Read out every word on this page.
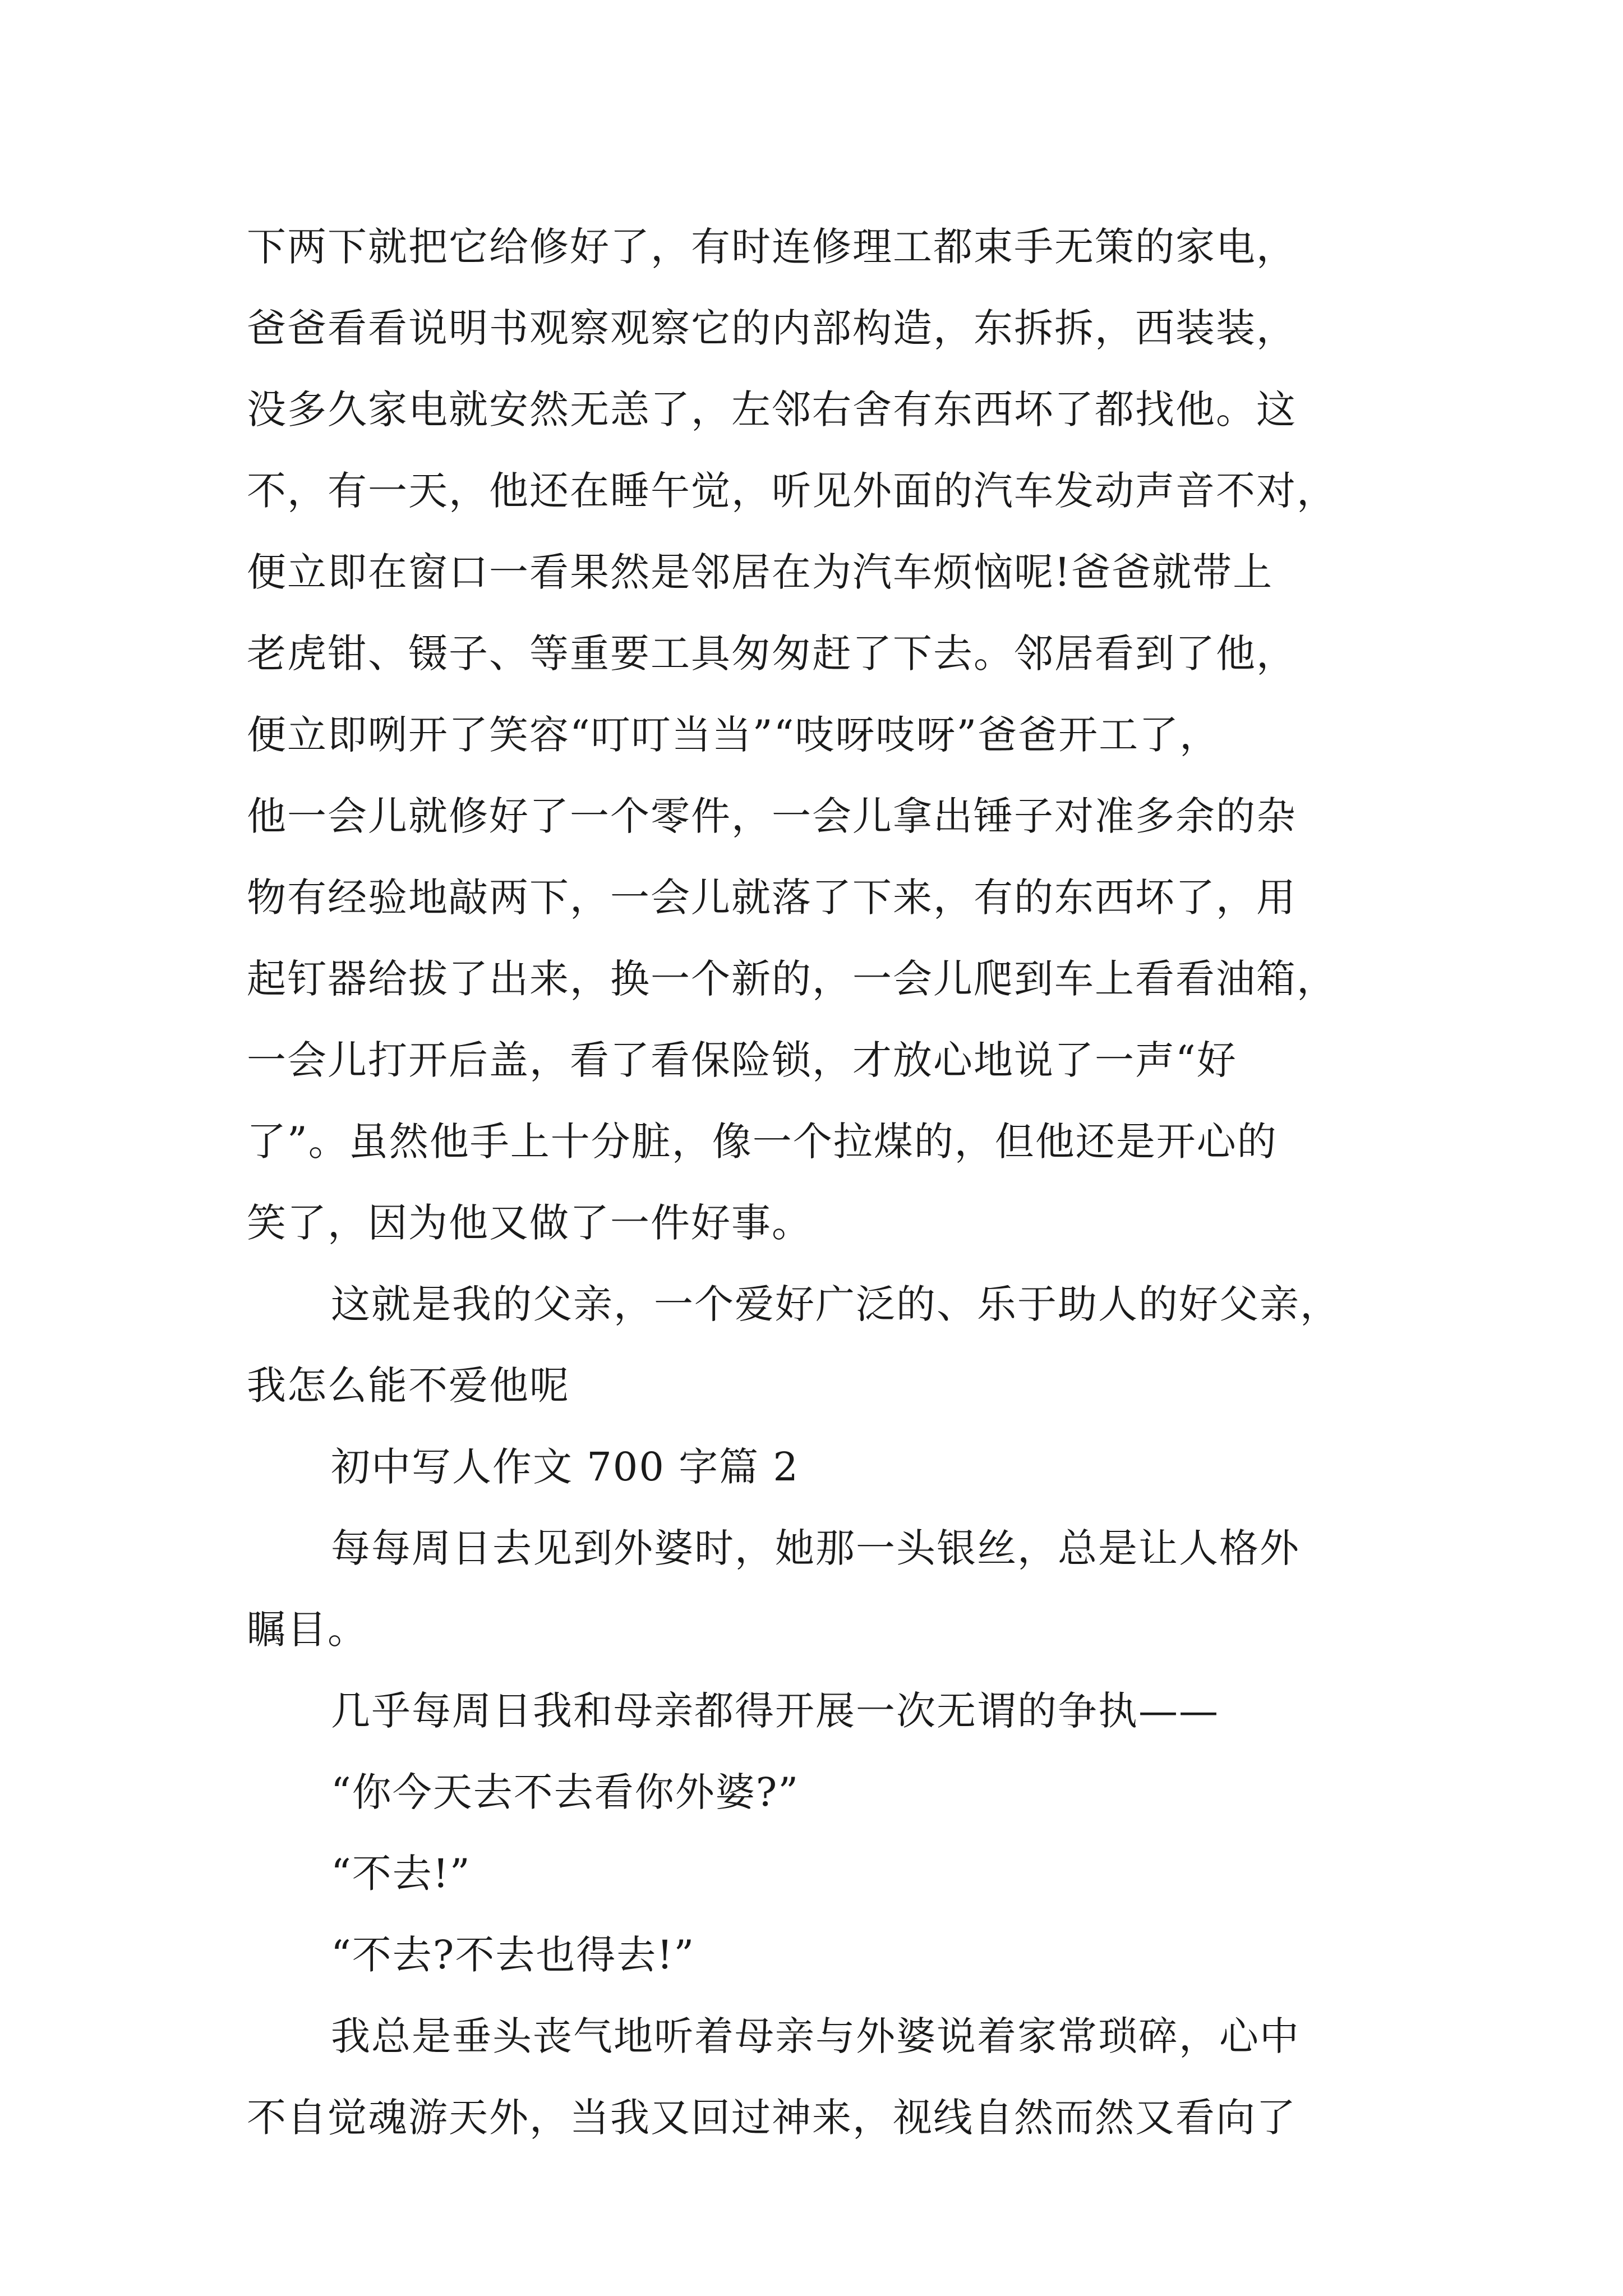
下两下就把它给修好了，有时连修理工都束手无策的家电，
爸爸看看说明书观察观察它的内部构造，东拆拆，西装装，
没多久家电就安然无恙了，左邻右舍有东西坏了都找他。这
不，有一天，他还在睡午觉，听见外面的汽车发动声音不对，
便立即在窗口一看果然是邻居在为汽车烦恼呢!爸爸就带上
老虎钳、镊子、等重要工具匆匆赶了下去。邻居看到了他，
便立即咧开了笑容“叮叮当当”“吱呀吱呀”爸爸开工了，
他一会儿就修好了一个零件，一会儿拿出锤子对准多余的杂
物有经验地敲两下，一会儿就落了下来，有的东西坏了，用
起钉器给拔了出来，换一个新的，一会儿爬到车上看看油箱，
一会儿打开后盖，看了看保险锁，才放心地说了一声“好
了”。虽然他手上十分脏，像一个拉煤的，但他还是开心的
笑了，因为他又做了一件好事。
这就是我的父亲，一个爱好广泛的、乐于助人的好父亲，
我怎么能不爱他呢
初中写人作文 700 字篇 2
每每周日去见到外婆时，她那一头银丝，总是让人格外
瞩目。
几乎每周日我和母亲都得开展一次无谓的争执——
“你今天去不去看你外婆?”
“不去!”
“不去?不去也得去!”
我总是垂头丧气地听着母亲与外婆说着家常琐碎，心中
不自觉魂游天外，当我又回过神来，视线自然而然又看向了
